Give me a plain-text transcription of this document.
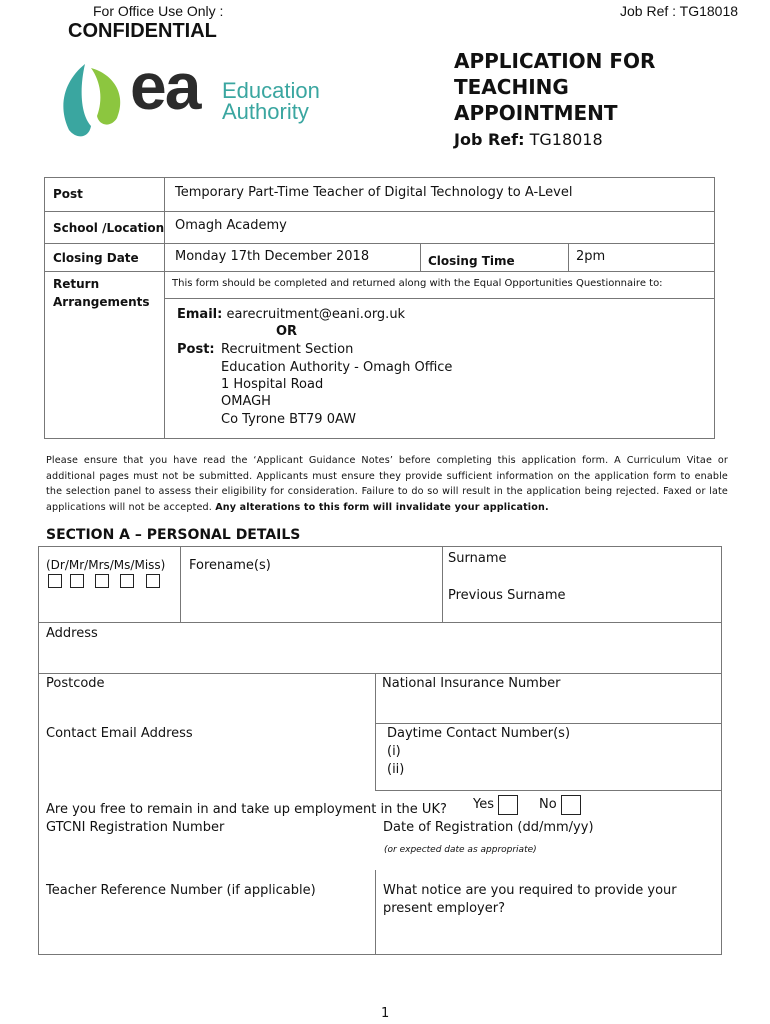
For Office Use Only :	Job Ref : TG18018
CONFIDENTIAL
ea Education
Authority
APPLICATION FOR
TEACHING
APPOINTMENT
Job Ref: TG18018
Post	Temporary Part-Time Teacher of Digital Technology to A-Level
School /Location Omagh Academy
Closing Date	Monday 17th December 2018	Closing Time	2pm
Return
Arrangements
This form should be completed and returned along with the Equal Opportunities Questionnaire to:
Email: earecruitment@eani.org.uk
OR
Post: Recruitment Section
Education Authority - Omagh Office
1 Hospital Road
OMAGH
Co Tyrone BT79 0AW
Please ensure that you have read the ‘Applicant Guidance Notes’ before completing this application form. A Curriculum Vitae or additional pages must not be submitted. Applicants must ensure they provide sufficient information on the application form to enable the selection panel to assess their eligibility for consideration. Failure to do so will result in the application being rejected. Faxed or late applications will not be accepted. Any alterations to this form will invalidate your application.
SECTION A – PERSONAL DETAILS
(Dr/Mr/Mrs/Ms/Miss) Forename(s)	Surname
Previous Surname
Address
Postcode	National Insurance Number
Contact Email Address	Daytime Contact Number(s)
(i)
(ii)
Are you free to remain in and take up employment in the UK? Yes	No
GTCNI Registration Number	Date of Registration (dd/mm/yy)
(or expected date as appropriate)
Teacher Reference Number (if applicable)	What notice are you required to provide your
present employer?
1
